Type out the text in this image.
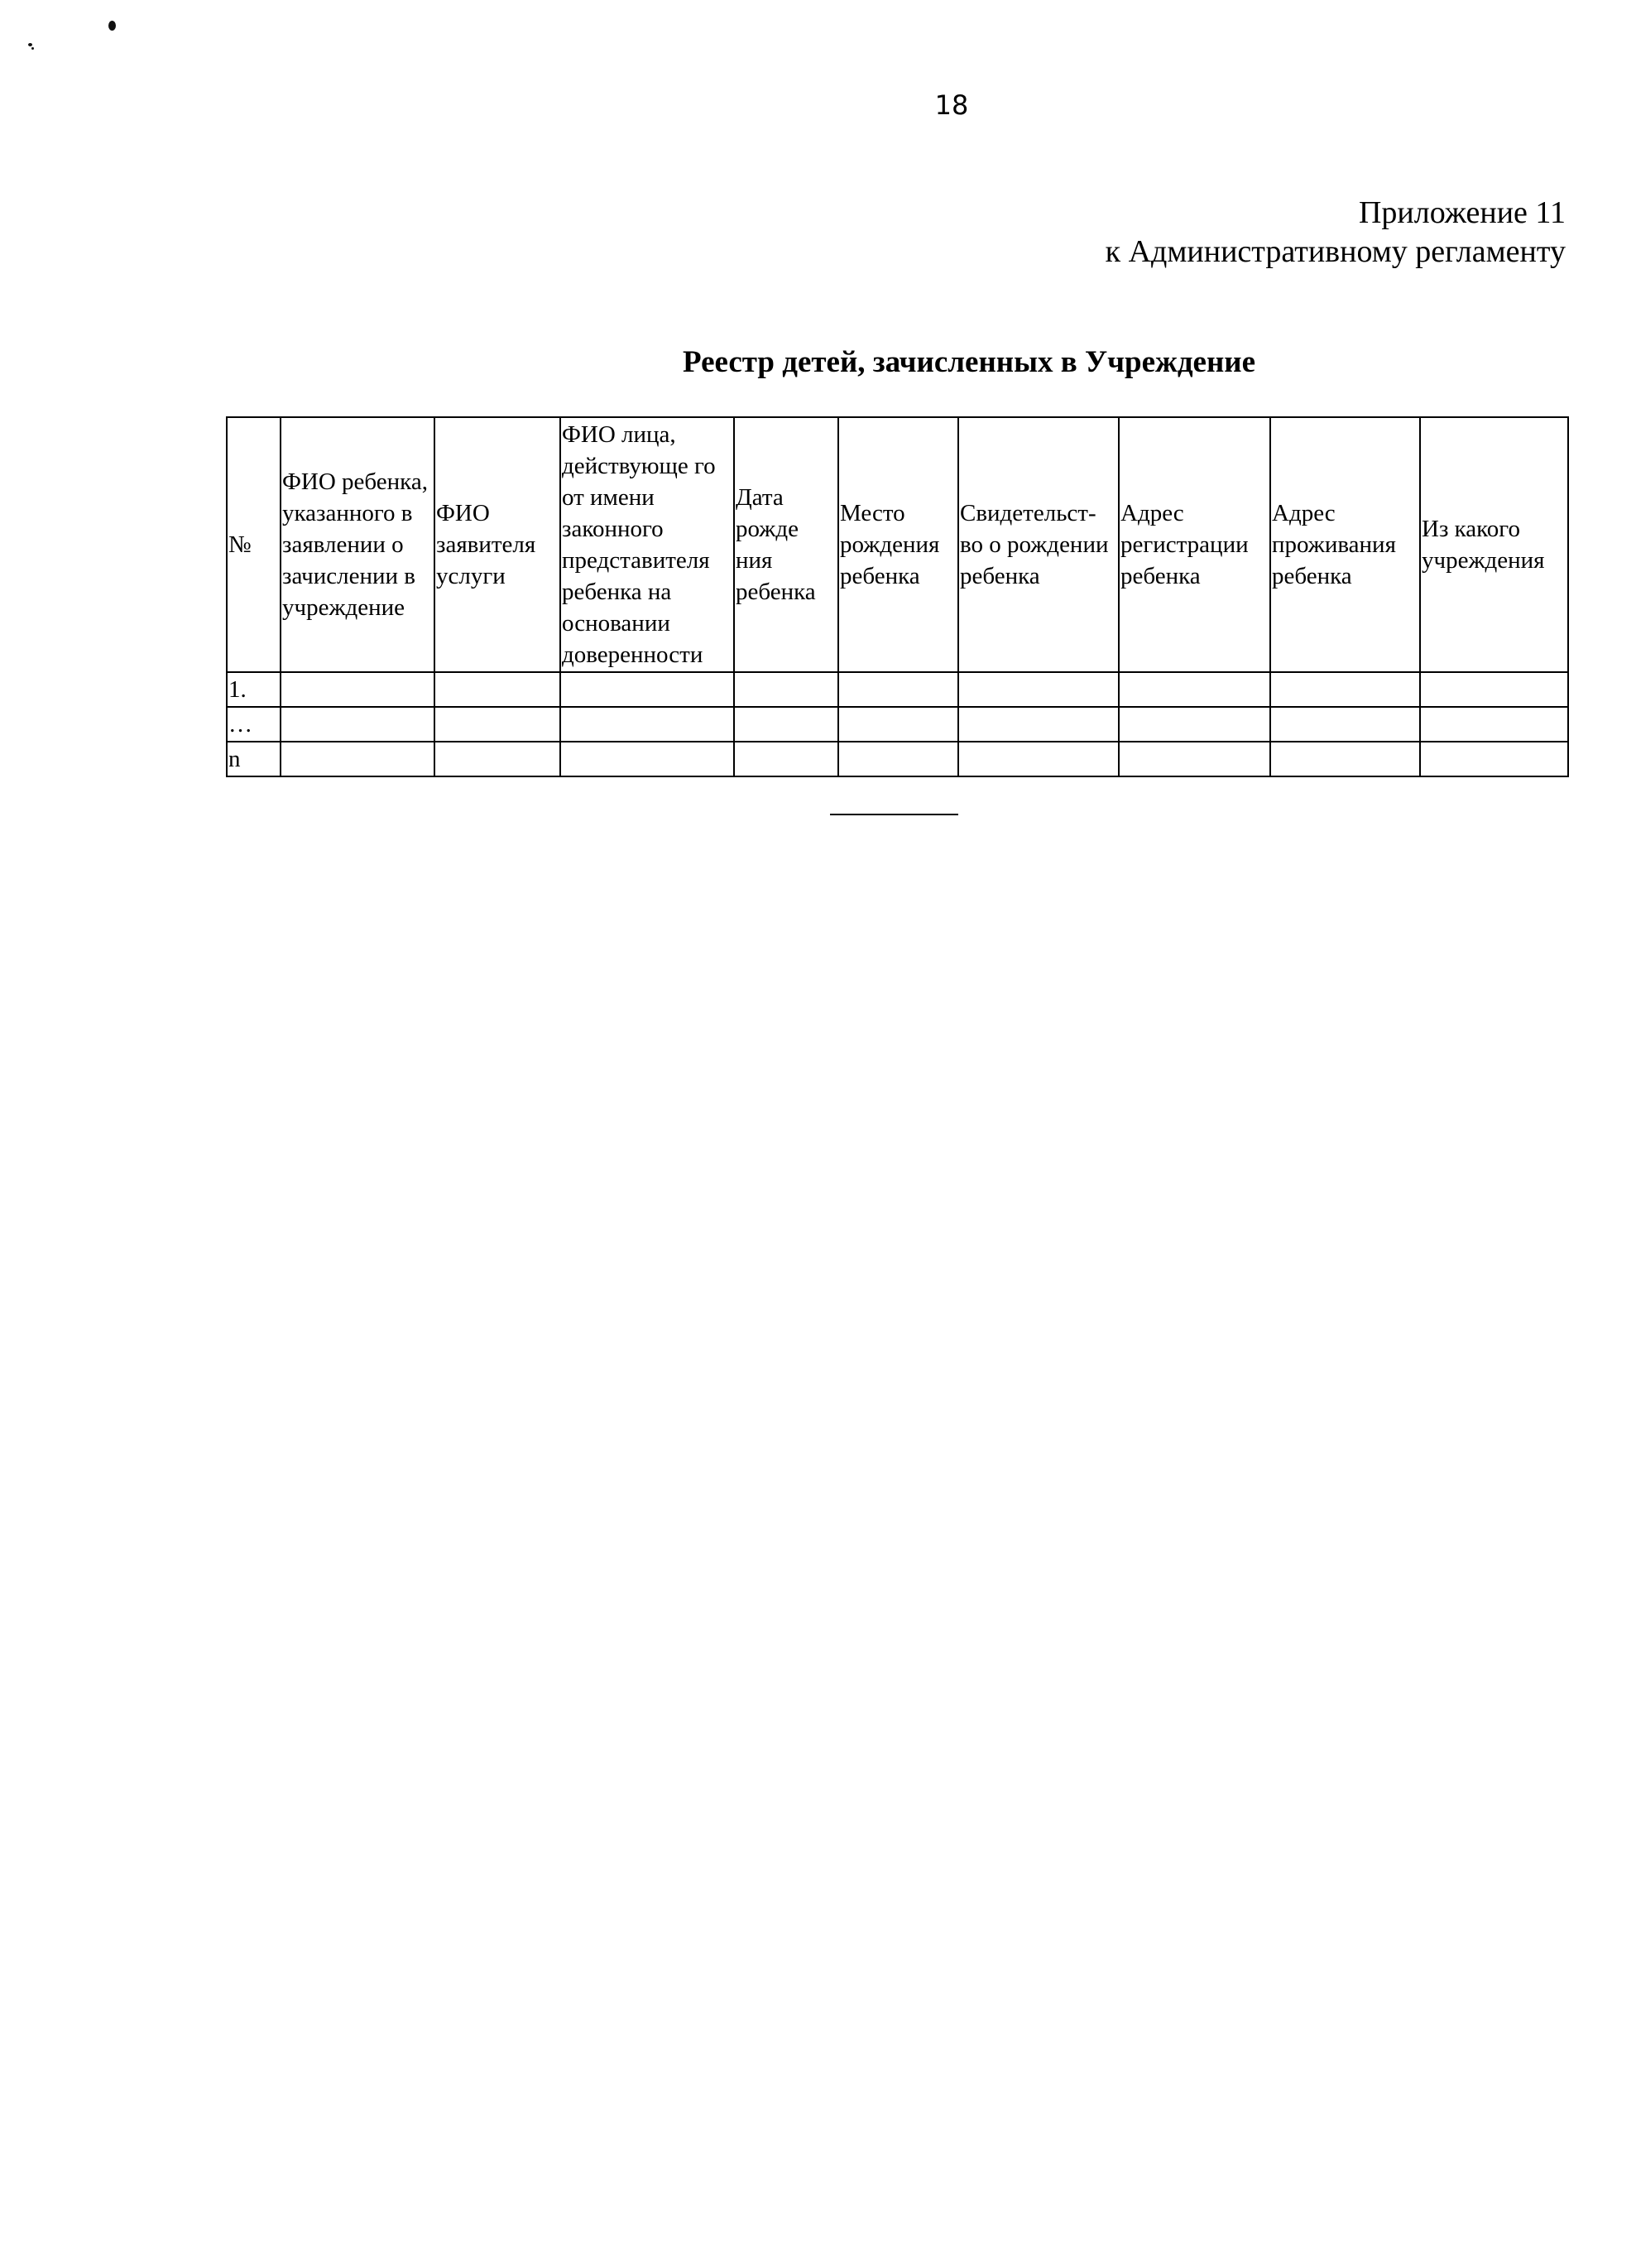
18
Приложение 11
к Административному регламенту
Реестр детей, зачисленных в Учреждение
№	ФИО ребенка, указанного в заявлении о зачислении в учреждение	ФИО заявителя услуги	ФИО лица, действующе го от имени законного представителя ребенка на основании доверенности	Дата рожде ния ребенка	Место рождения ребенка	Свидетельст- во о рождении ребенка	Адрес регистрации ребенка	Адрес проживания ребенка	Из какого учреждения
1.									
…									
n									
